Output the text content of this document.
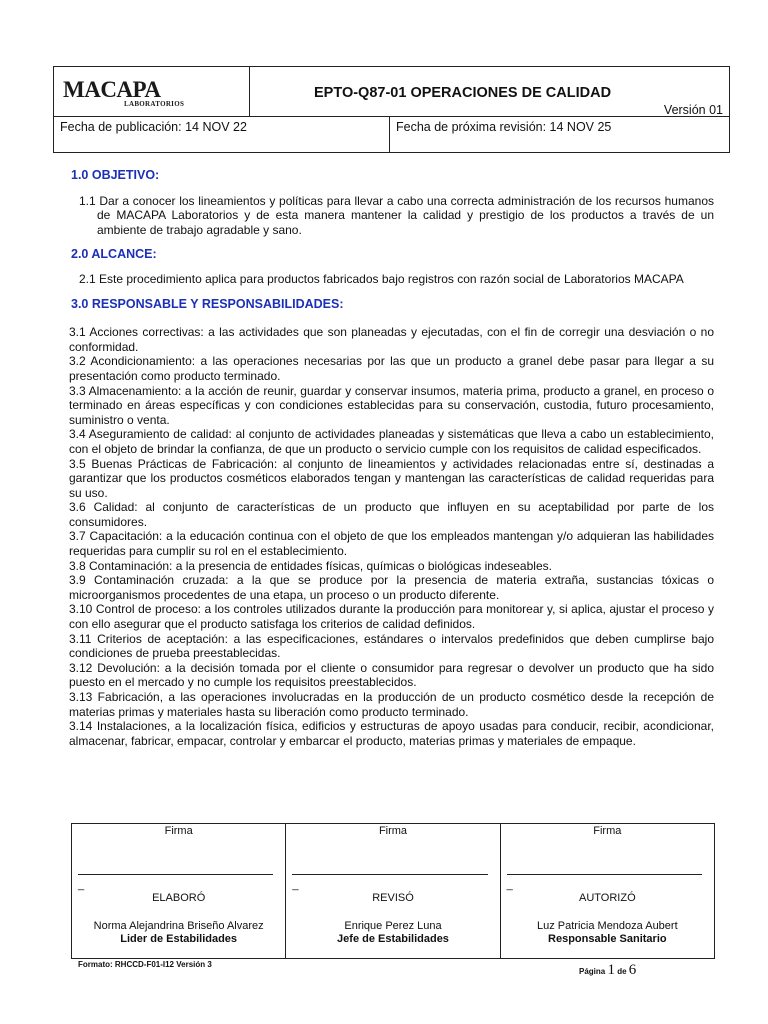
MACAPA
LABORATORIOS
EPTO-Q87-01 OPERACIONES DE CALIDAD
Versión 01
Fecha de publicación: 14 NOV 22	Fecha de próxima revisión: 14 NOV 25

1.0 OBJETIVO:

1.1 Dar a conocer los lineamientos y políticas para llevar a cabo una correcta administración de los recursos humanos de MACAPA Laboratorios y de esta manera mantener la calidad y prestigio de los productos a través de un ambiente de trabajo agradable y sano.

2.0 ALCANCE:

2.1 Este procedimiento aplica para productos fabricados bajo registros con razón social de Laboratorios MACAPA

3.0 RESPONSABLE Y RESPONSABILIDADES:

3.1 Acciones correctivas: a las actividades que son planeadas y ejecutadas, con el fin de corregir una desviación o no conformidad.

3.2 Acondicionamiento: a las operaciones necesarias por las que un producto a granel debe pasar para llegar a su presentación como producto terminado.

3.3 Almacenamiento: a la acción de reunir, guardar y conservar insumos, materia prima, producto a granel, en proceso o terminado en áreas específicas y con condiciones establecidas para su conservación, custodia, futuro procesamiento, suministro o venta.

3.4 Aseguramiento de calidad: al conjunto de actividades planeadas y sistemáticas que lleva a cabo un establecimiento, con el objeto de brindar la confianza, de que un producto o servicio cumple con los requisitos de calidad especificados.

3.5 Buenas Prácticas de Fabricación: al conjunto de lineamientos y actividades relacionadas entre sí, destinadas a garantizar que los productos cosméticos elaborados tengan y mantengan las características de calidad requeridas para su uso.

3.6 Calidad: al conjunto de características de un producto que influyen en su aceptabilidad por parte de los consumidores.

3.7 Capacitación: a la educación continua con el objeto de que los empleados mantengan y/o adquieran las habilidades requeridas para cumplir su rol en el establecimiento.

3.8 Contaminación: a la presencia de entidades físicas, químicas o biológicas indeseables.

3.9 Contaminación cruzada: a la que se produce por la presencia de materia extraña, sustancias tóxicas o microorganismos procedentes de una etapa, un proceso o un producto diferente.

3.10 Control de proceso: a los controles utilizados durante la producción para monitorear y, si aplica, ajustar el proceso y con ello asegurar que el producto satisfaga los criterios de calidad definidos.

3.11 Criterios de aceptación: a las especificaciones, estándares o intervalos predefinidos que deben cumplirse bajo condiciones de prueba preestablecidas.

3.12 Devolución: a la decisión tomada por el cliente o consumidor para regresar o devolver un producto que ha sido puesto en el mercado y no cumple los requisitos preestablecidos.

3.13 Fabricación, a las operaciones involucradas en la producción de un producto cosmético desde la recepción de materias primas y materiales hasta su liberación como producto terminado.

3.14 Instalaciones, a la localización física, edificios y estructuras de apoyo usadas para conducir, recibir, acondicionar, almacenar, fabricar, empacar, controlar y embarcar el producto, materias primas y materiales de empaque.

Firma
_
ELABORÓ
Norma Alejandrina Briseño Alvarez
Lider de Estabilidades
Firma
_
REVISÓ
Enrique Perez Luna
Jefe de Estabilidades
Firma
_
AUTORIZÓ
Luz Patricia Mendoza Aubert
Responsable Sanitario
Formato: RHCCD-F01-I12 Versión 3
Página 1 de 6
